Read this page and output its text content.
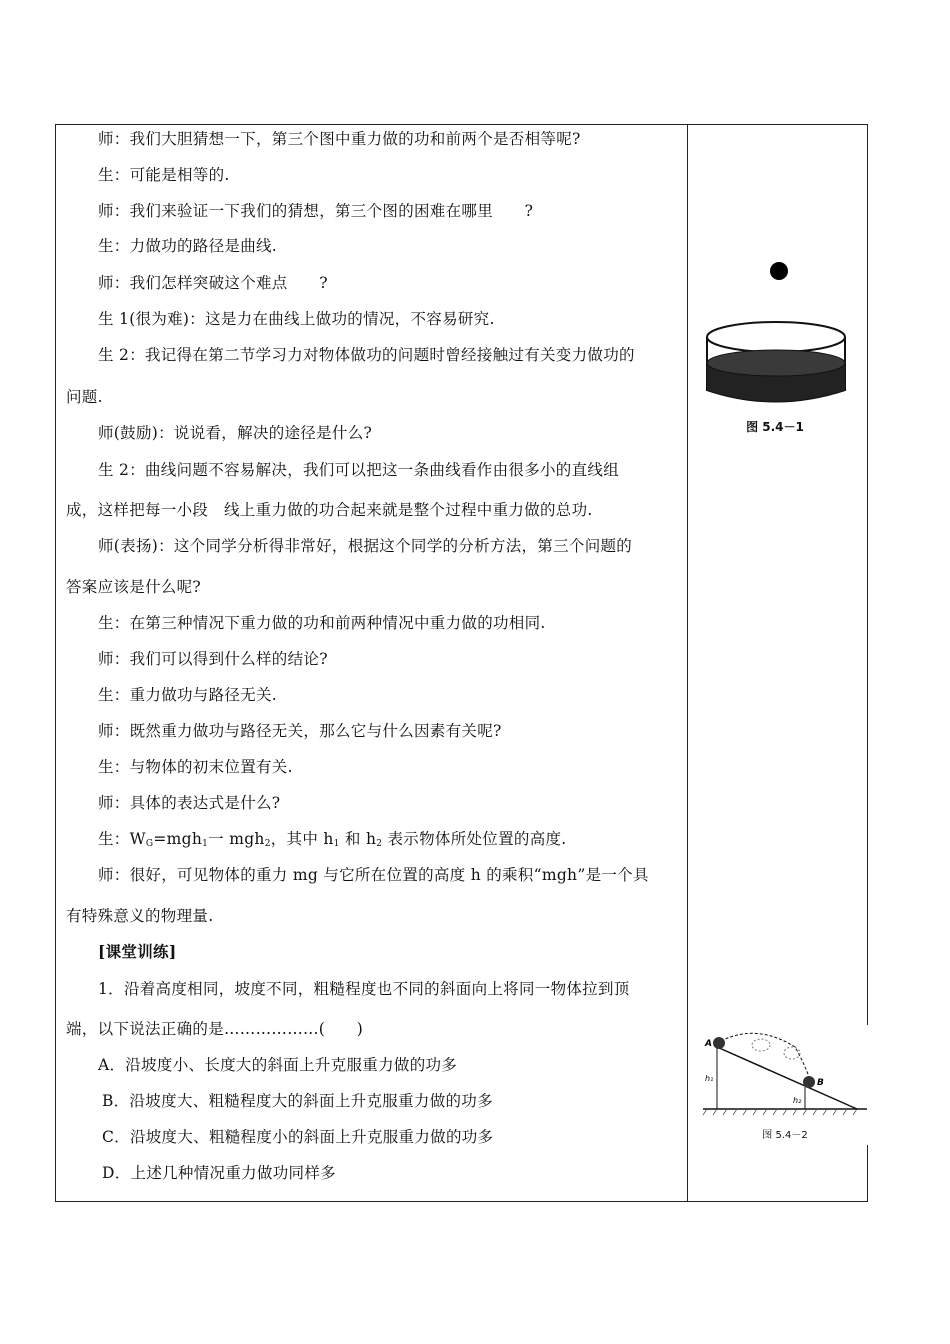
师：我们大胆猜想一下，第三个图中重力做的功和前两个是否相等呢?
生：可能是相等的.
师：我们来验证一下我们的猜想，第三个图的困难在哪里　　?
生：力做功的路径是曲线.
师：我们怎样突破这个难点　　?
生 1(很为难)：这是力在曲线上做功的情况，不容易研究.
生 2：我记得在第二节学习力对物体做功的问题时曾经接触过有关变力做功的
问题.
师(鼓励)：说说看，解决的途径是什么?
生 2：曲线问题不容易解决，我们可以把这一条曲线看作由很多小的直线组
成，这样把每一小段　线上重力做的功合起来就是整个过程中重力做的总功.
师(表扬)：这个同学分析得非常好，根据这个同学的分析方法，第三个问题的
答案应该是什么呢?
生：在第三种情况下重力做的功和前两种情况中重力做的功相同.
师：我们可以得到什么样的结论?
生：重力做功与路径无关.
师：既然重力做功与路径无关，那么它与什么因素有关呢?
生：与物体的初末位置有关.
师：具体的表达式是什么?
生：$W_G=mgh_1$一 mgh$_2$，其中 $h_1$ 和 $h_2$ 表示物体所处位置的高度.
师：很好，可见物体的重力 mg 与它所在位置的高度 h 的乘积“mgh”是一个具
有特殊意义的物理量.
[课堂训练]
1．沿着高度相同，坡度不同，粗糙程度也不同的斜面向上将同一物体拉到顶
端，以下说法正确的是………………(　　)
A．沿坡度小、长度大的斜面上升克服重力做的功多
B．沿坡度大、粗糙程度大的斜面上升克服重力做的功多
C．沿坡度大、粗糙程度小的斜面上升克服重力做的功多
D．上述几种情况重力做功同样多
图 5.4－1
A
B
h₁
h₂
图 5.4－2
